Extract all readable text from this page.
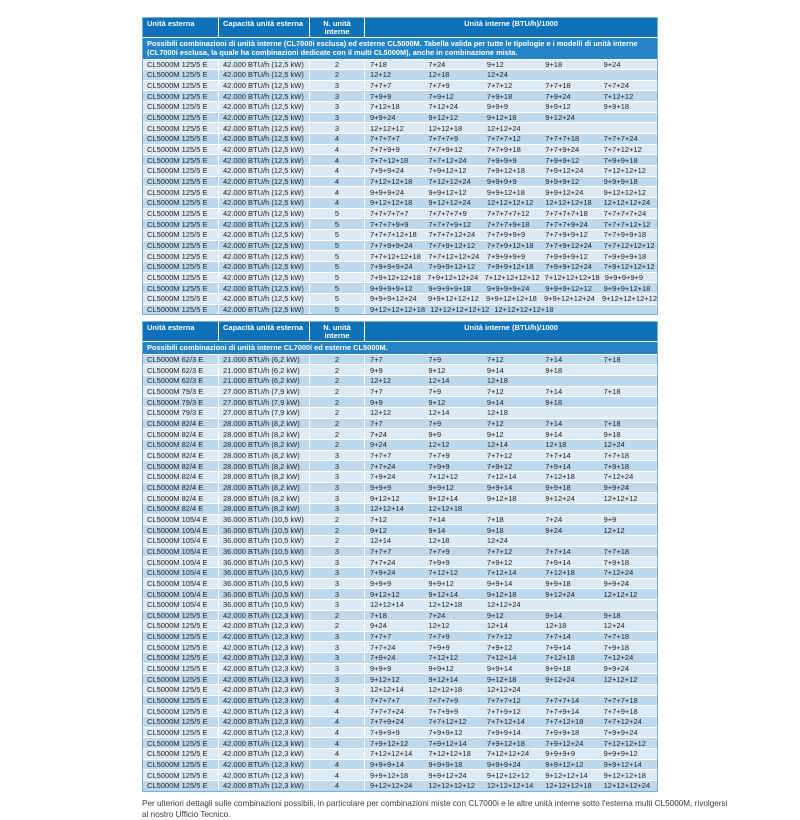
Unità esterna	Capacità unità esterna	N. unità interne
Unità interne (BTU/h)/1000
Possibili combinazioni di unità interne (CL7000i esclusa) ed esterne CL5000M. Tabella valida per tutte le tipologie e i modelli di unità interne (CL7000i esclusa, la quale ha combinazioni dedicate con il multi CL5000M), anche in combinazione mista.
CL5000M 125/5 E	42.000 BTU/h (12,5 kW)	2	7+18	7+24	9+12	9+18	9+24
CL5000M 125/5 E	42.000 BTU/h (12,5 kW)	2	12+12	12+18	12+24
CL5000M 125/5 E	42.000 BTU/h (12,5 kW)	3	7+7+7	7+7+9	7+7+12	7+7+18	7+7+24
CL5000M 125/5 E	42.000 BTU/h (12,5 kW)	3	7+9+9	7+9+12	7+9+18	7+9+24	7+12+12
CL5000M 125/5 E	42.000 BTU/h (12,5 kW)	3	7+12+18	7+12+24	9+9+9	9+9+12	9+9+18
CL5000M 125/5 E	42.000 BTU/h (12,5 kW)	3	9+9+24	9+12+12	9+12+18	9+12+24
CL5000M 125/5 E	42.000 BTU/h (12,5 kW)	3	12+12+12	12+12+18	12+12+24
CL5000M 125/5 E	42.000 BTU/h (12,5 kW)	4	7+7+7+7	7+7+7+9	7+7+7+12	7+7+7+18	7+7+7+24
CL5000M 125/5 E	42.000 BTU/h (12,5 kW)	4	7+7+9+9	7+7+9+12	7+7+9+18	7+7+9+24	7+7+12+12
CL5000M 125/5 E	42.000 BTU/h (12,5 kW)	4	7+7+12+18	7+7+12+24	7+9+9+9	7+9+9+12	7+9+9+18
CL5000M 125/5 E	42.000 BTU/h (12,5 kW)	4	7+9+9+24	7+9+12+12	7+9+12+18	7+9+12+24	7+12+12+12
CL5000M 125/5 E	42.000 BTU/h (12,5 kW)	4	7+12+12+18	7+12+12+24	9+9+9+9	9+9+9+12	9+9+9+18
CL5000M 125/5 E	42.000 BTU/h (12,5 kW)	4	9+9+9+24	9+9+12+12	9+9+12+18	9+9+12+24	9+12+12+12
CL5000M 125/5 E	42.000 BTU/h (12,5 kW)	4	9+12+12+18	9+12+12+24	12+12+12+12	12+12+12+18	12+12+12+24
CL5000M 125/5 E	42.000 BTU/h (12,5 kW)	5	7+7+7+7+7	7+7+7+7+9	7+7+7+7+12	7+7+7+7+18	7+7+7+7+24
CL5000M 125/5 E	42.000 BTU/h (12,5 kW)	5	7+7+7+9+9	7+7+7+9+12	7+7+7+9+18	7+7+7+9+24	7+7+7+12+12
CL5000M 125/5 E	42.000 BTU/h (12,5 kW)	5	7+7+7+12+18	7+7+7+12+24	7+7+9+9+9	7+7+9+9+12	7+7+9+9+18
CL5000M 125/5 E	42.000 BTU/h (12,5 kW)	5	7+7+9+9+24	7+7+9+12+12	7+7+9+12+18	7+7+9+12+24	7+7+12+12+12
CL5000M 125/5 E	42.000 BTU/h (12,5 kW)	5	7+7+12+12+18	7+7+12+12+24	7+9+9+9+9	7+9+9+9+12	7+9+9+9+18
CL5000M 125/5 E	42.000 BTU/h (12,5 kW)	5	7+9+9+9+24	7+9+9+12+12	7+9+9+12+18	7+9+9+12+24	7+9+12+12+12
CL5000M 125/5 E	42.000 BTU/h (12,5 kW)	5	7+9+12+12+18 7+9+12+12+24 7+12+12+12+12 7+12+12+12+18 9+9+9+9+9
CL5000M 125/5 E	42.000 BTU/h (12,5 kW)	5	9+9+9+9+12	9+9+9+9+18	9+9+9+9+24	9+9+9+12+12	9+9+9+12+18
CL5000M 125/5 E	42.000 BTU/h (12,5 kW)	5	9+9+9+12+24	9+9+12+12+12 9+9+12+12+18 9+9+12+12+24 9+12+12+12+12
CL5000M 125/5 E	42.000 BTU/h (12,5 kW)	5	9+12+12+12+18 12+12+12+12+12 12+12+12+12+18
Unità esterna	Capacità unità esterna	N. unità interne
Unità interne (BTU/h)/1000
Possibili combinazioni di unità interne CL7000i ed esterne CL5000M.
CL5000M 62/3 E	21.000 BTU/h (6,2 kW)	2	7+7	7+9	7+12	7+14	7+18
CL5000M 62/3 E	21.000 BTU/h (6,2 kW)	2	9+9	9+12	9+14	9+18
CL5000M 62/3 E	21.000 BTU/h (6,2 kW)	2	12+12	12+14	12+18
CL5000M 79/3 E	27.000 BTU/h (7,9 kW)	2	7+7	7+9	7+12	7+14	7+18
CL5000M 79/3 E	27.000 BTU/h (7,9 kW)	2	9+9	9+12	9+14	9+18
CL5000M 79/3 E	27.000 BTU/h (7,9 kW)	2	12+12	12+14	12+18
CL5000M 82/4 E	28.000 BTU/h (8,2 kW)	2	7+7	7+9	7+12	7+14	7+18
CL5000M 82/4 E	28.000 BTU/h (8,2 kW)	2	7+24	9+9	9+12	9+14	9+18
CL5000M 82/4 E	28.000 BTU/h (8,2 kW)	2	9+24	12+12	12+14	12+18	12+24
CL5000M 82/4 E	28.000 BTU/h (8,2 kW)	3	7+7+7	7+7+9	7+7+12	7+7+14	7+7+18
CL5000M 82/4 E	28.000 BTU/h (8,2 kW)	3	7+7+24	7+9+9	7+9+12	7+9+14	7+9+18
CL5000M 82/4 E	28.000 BTU/h (8,2 kW)	3	7+9+24	7+12+12	7+12+14	7+12+18	7+12+24
CL5000M 82/4 E	28.000 BTU/h (8,2 kW)	3	9+9+9	9+9+12	9+9+14	9+9+18	9+9+24
CL5000M 82/4 E	28.000 BTU/h (8,2 kW)	3	9+12+12	9+12+14	9+12+18	9+12+24	12+12+12
CL5000M 82/4 E	28.000 BTU/h (8,2 kW)	3	12+12+14	12+12+18
CL5000M 105/4 E	36.000 BTU/h (10,5 kW)	2	7+12	7+14	7+18	7+24	9+9
CL5000M 105/4 E	36.000 BTU/h (10,5 kW)	2	9+12	9+14	9+18	9+24	12+12
CL5000M 105/4 E	36.000 BTU/h (10,5 kW)	2	12+14	12+18	12+24
CL5000M 105/4 E	36.000 BTU/h (10,5 kW)	3	7+7+7	7+7+9	7+7+12	7+7+14	7+7+18
CL5000M 105/4 E	36.000 BTU/h (10,5 kW)	3	7+7+24	7+9+9	7+9+12	7+9+14	7+9+18
CL5000M 105/4 E	36.000 BTU/h (10,5 kW)	3	7+9+24	7+12+12	7+12+14	7+12+18	7+12+24
CL5000M 105/4 E	36.000 BTU/h (10,5 kW)	3	9+9+9	9+9+12	9+9+14	9+9+18	9+9+24
CL5000M 105/4 E	36.000 BTU/h (10,5 kW)	3	9+12+12	9+12+14	9+12+18	9+12+24	12+12+12
CL5000M 105/4 E	36.000 BTU/h (10,5 kW)	3	12+12+14	12+12+18	12+12+24
CL5000M 125/5 E	42.000 BTU/h (12,3 kW)	2	7+18	7+24	9+12	9+14	9+18
CL5000M 125/5 E	42.000 BTU/h (12,3 kW)	2	9+24	12+12	12+14	12+18	12+24
CL5000M 125/5 E	42.000 BTU/h (12,3 kW)	3	7+7+7	7+7+9	7+7+12	7+7+14	7+7+18
CL5000M 125/5 E	42.000 BTU/h (12,3 kW)	3	7+7+24	7+9+9	7+9+12	7+9+14	7+9+18
CL5000M 125/5 E	42.000 BTU/h (12,3 kW)	3	7+9+24	7+12+12	7+12+14	7+12+18	7+12+24
CL5000M 125/5 E	42.000 BTU/h (12,3 kW)	3	9+9+9	9+9+12	9+9+14	9+9+18	9+9+24
CL5000M 125/5 E	42.000 BTU/h (12,3 kW)	3	9+12+12	9+12+14	9+12+18	9+12+24	12+12+12
CL5000M 125/5 E	42.000 BTU/h (12,3 kW)	3	12+12+14	12+12+18	12+12+24
CL5000M 125/5 E	42.000 BTU/h (12,3 kW)	4	7+7+7+7	7+7+7+9	7+7+7+12	7+7+7+14	7+7+7+18
CL5000M 125/5 E	42.000 BTU/h (12,3 kW)	4	7+7+7+24	7+7+9+9	7+7+9+12	7+7+9+14	7+7+9+18
CL5000M 125/5 E	42.000 BTU/h (12,3 kW)	4	7+7+9+24	7+7+12+12	7+7+12+14	7+7+12+18	7+7+12+24
CL5000M 125/5 E	42.000 BTU/h (12,3 kW)	4	7+9+9+9	7+9+9+12	7+9+9+14	7+9+9+18	7+9+9+24
CL5000M 125/5 E	42.000 BTU/h (12,3 kW)	4	7+9+12+12	7+9+12+14	7+9+12+18	7+9+12+24	7+12+12+12
CL5000M 125/5 E	42.000 BTU/h (12,3 kW)	4	7+12+12+14	7+12+12+18	7+12+12+24	9+9+9+9	9+9+9+12
CL5000M 125/5 E	42.000 BTU/h (12,3 kW)	4	9+9+9+14	9+9+9+18	9+9+9+24	9+9+12+12	9+9+12+14
CL5000M 125/5 E	42.000 BTU/h (12,3 kW)	4	9+9+12+18	9+9+12+24	9+12+12+12	9+12+12+14	9+12+12+18
CL5000M 125/5 E	42.000 BTU/h (12,3 kW)	4	9+12+12+24	12+12+12+12	12+12+12+14	12+12+12+18	12+12+12+24

Per ulteriori dettagli sulle combinazioni possibili, in particolare per combinazioni miste con CL7000i e le altre unità interne sotto l'esterna multi CL5000M, rivolgersi al nostro Ufficio Tecnico.
